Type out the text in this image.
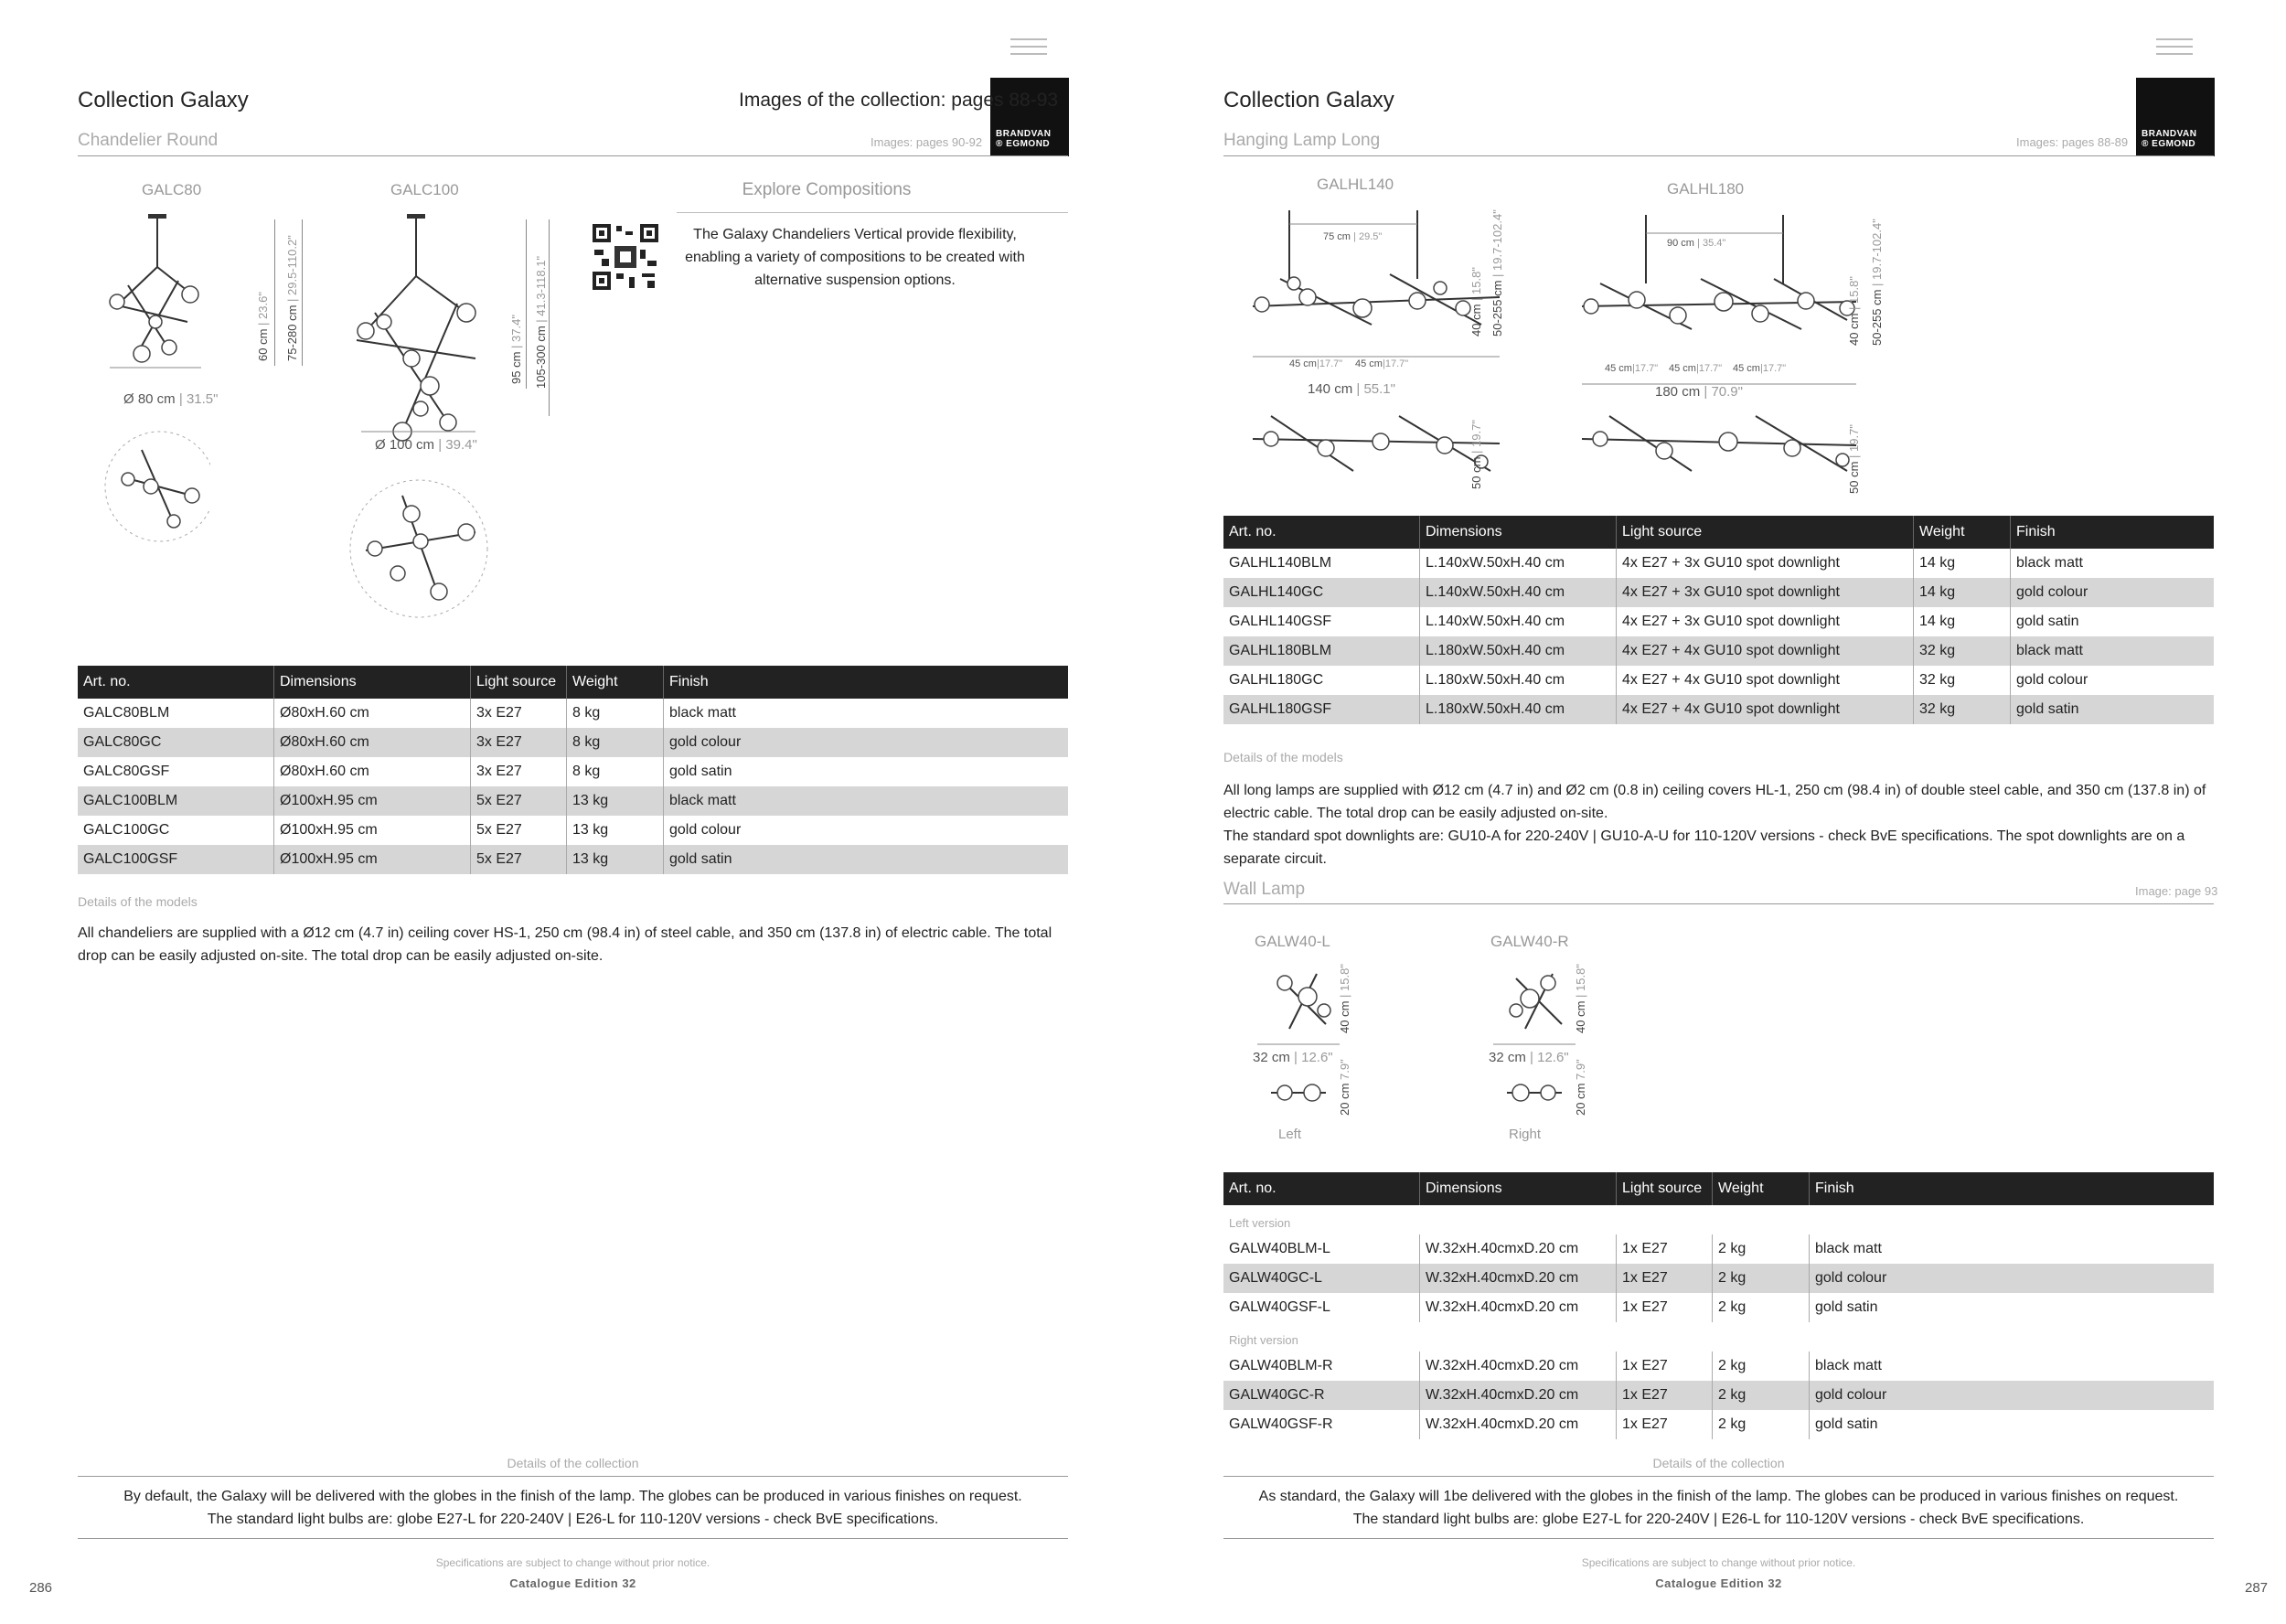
BRANDVAN
® EGMOND
Collection Galaxy	Images of the collection: pages 88-93
Chandelier Round	Images: pages 90-92
GALC80
Ø 80 cm | 31.5"
60 cm | 23.6" 75-280 cm | 29.5-110.2"
GALC100
Ø 100 cm | 39.4"
95 cm | 37.4" 105-300 cm | 41.3-118.1"
Explore Compositions
The Galaxy Chandeliers Vertical provide flexibility, enabling a variety of compositions to be created with alternative suspension options.
Art. no.	Dimensions	Light source	Weight	Finish
GALC80BLM	Ø80xH.60 cm	3x E27	8 kg	black matt
GALC80GC	Ø80xH.60 cm	3x E27	8 kg	gold colour
GALC80GSF	Ø80xH.60 cm	3x E27	8 kg	gold satin
GALC100BLM	Ø100xH.95 cm	5x E27	13 kg	black matt
GALC100GC	Ø100xH.95 cm	5x E27	13 kg	gold colour
GALC100GSF	Ø100xH.95 cm	5x E27	13 kg	gold satin
Details of the models
All chandeliers are supplied with a Ø12 cm (4.7 in) ceiling cover HS-1, 250 cm (98.4 in) of steel cable, and 350 cm (137.8 in) of electric cable. The total drop can be easily adjusted on-site. The total drop can be easily adjusted on-site.
Details of the collection
By default, the Galaxy will be delivered with the globes in the finish of the lamp. The globes can be produced in various finishes on request.
The standard light bulbs are: globe E27-L for 220-240V | E26-L for 110-120V versions - check BvE specifications.
Specifications are subject to change without prior notice.
Catalogue Edition 32
286
BRANDVAN
® EGMOND
Collection Galaxy
Hanging Lamp Long	Images: pages 88-89
GALHL140
75 cm | 29.5"
45 cm|17.7" 45 cm|17.7"
140 cm | 55.1"
40 cm | 15.8" 50-255 cm | 19.7-102.4"
50 cm | 19.7"
GALHL180
90 cm | 35.4"
45 cm|17.7" 45 cm|17.7" 45 cm|17.7"
180 cm | 70.9"
40 cm | 15.8" 50-255 cm | 19.7-102.4"
50 cm | 19.7"
Art. no.	Dimensions	Light source	Weight	Finish
GALHL140BLM	L.140xW.50xH.40 cm	4x E27 + 3x GU10 spot downlight	14 kg	black matt
GALHL140GC	L.140xW.50xH.40 cm	4x E27 + 3x GU10 spot downlight	14 kg	gold colour
GALHL140GSF	L.140xW.50xH.40 cm	4x E27 + 3x GU10 spot downlight	14 kg	gold satin
GALHL180BLM	L.180xW.50xH.40 cm	4x E27 + 4x GU10 spot downlight	32 kg	black matt
GALHL180GC	L.180xW.50xH.40 cm	4x E27 + 4x GU10 spot downlight	32 kg	gold colour
GALHL180GSF	L.180xW.50xH.40 cm	4x E27 + 4x GU10 spot downlight	32 kg	gold satin
Details of the models
All long lamps are supplied with Ø12 cm (4.7 in) and Ø2 cm (0.8 in) ceiling covers HL-1, 250 cm (98.4 in) of double steel cable, and 350 cm (137.8 in) of electric cable. The total drop can be easily adjusted on-site.
The standard spot downlights are: GU10-A for 220-240V | GU10-A-U for 110-120V versions - check BvE specifications. The spot downlights are on a separate circuit.
Wall Lamp	Image: page 93
GALW40-L
32 cm | 12.6"
40 cm | 15.8"
20 cm 7.9"
Left
GALW40-R
32 cm | 12.6"
40 cm | 15.8"
20 cm 7.9"
Right
Art. no.	Dimensions	Light source	Weight	Finish
Left version				
GALW40BLM-L	W.32xH.40cmxD.20 cm	1x E27	2 kg	black matt
GALW40GC-L	W.32xH.40cmxD.20 cm	1x E27	2 kg	gold colour
GALW40GSF-L	W.32xH.40cmxD.20 cm	1x E27	2 kg	gold satin
Right version				
GALW40BLM-R	W.32xH.40cmxD.20 cm	1x E27	2 kg	black matt
GALW40GC-R	W.32xH.40cmxD.20 cm	1x E27	2 kg	gold colour
GALW40GSF-R	W.32xH.40cmxD.20 cm	1x E27	2 kg	gold satin
Details of the collection
As standard, the Galaxy will 1be delivered with the globes in the finish of the lamp. The globes can be produced in various finishes on request.
The standard light bulbs are: globe E27-L for 220-240V | E26-L for 110-120V versions - check BvE specifications.
Specifications are subject to change without prior notice.
Catalogue Edition 32	287
